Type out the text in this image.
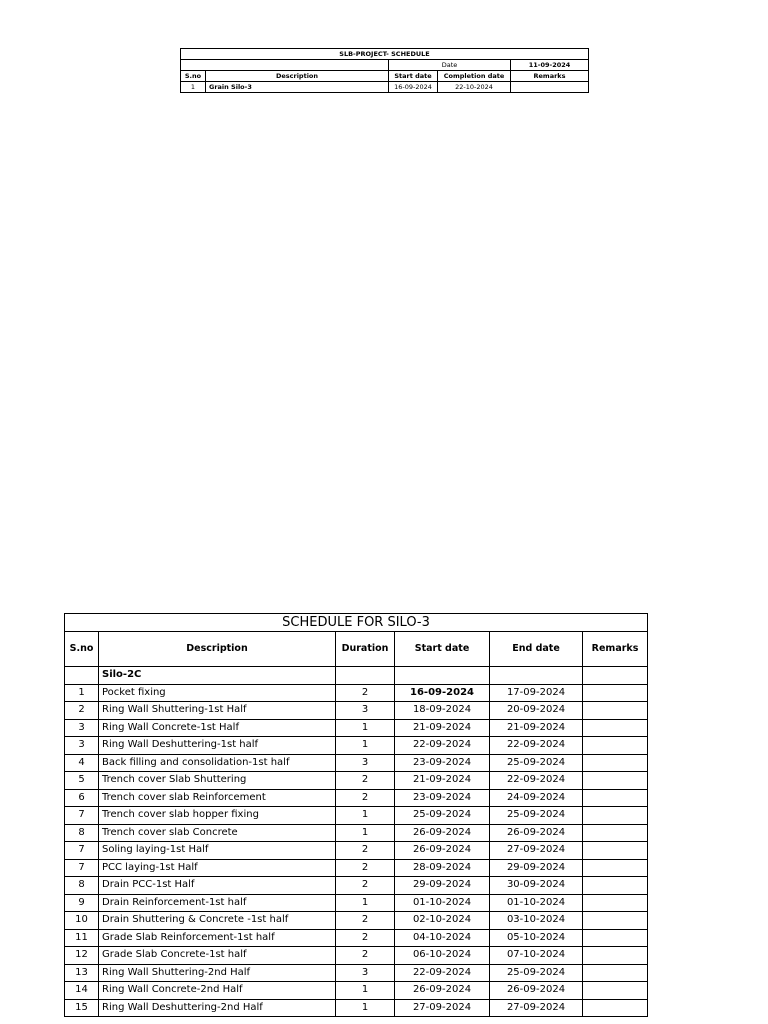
SLB-PROJECT- SCHEDULE				
		Date		11-09-2024
S.no	Description	Start date	Completion date	Remarks
1	Grain Silo-3	16-09-2024	22-10-2024	
SCHEDULE FOR SILO-3					
S.no	Description	Duration	Start date	End date	Remarks
	Silo-2C				
1	Pocket fixing	2	16-09-2024	17-09-2024	
2	Ring Wall Shuttering-1st Half	3	18-09-2024	20-09-2024	
3	Ring Wall Concrete-1st Half	1	21-09-2024	21-09-2024	
3	Ring Wall Deshuttering-1st half	1	22-09-2024	22-09-2024	
4	Back filling and consolidation-1st half	3	23-09-2024	25-09-2024	
5	Trench cover Slab Shuttering	2	21-09-2024	22-09-2024	
6	Trench cover slab Reinforcement	2	23-09-2024	24-09-2024	
7	Trench cover slab hopper fixing	1	25-09-2024	25-09-2024	
8	Trench cover slab Concrete	1	26-09-2024	26-09-2024	
7	Soling laying-1st Half	2	26-09-2024	27-09-2024	
7	PCC laying-1st Half	2	28-09-2024	29-09-2024	
8	Drain PCC-1st Half	2	29-09-2024	30-09-2024	
9	Drain Reinforcement-1st half	1	01-10-2024	01-10-2024	
10	Drain Shuttering & Concrete -1st half	2	02-10-2024	03-10-2024	
11	Grade Slab Reinforcement-1st half	2	04-10-2024	05-10-2024	
12	Grade Slab Concrete-1st half	2	06-10-2024	07-10-2024	
13	Ring Wall Shuttering-2nd Half	3	22-09-2024	25-09-2024	
14	Ring Wall Concrete-2nd Half	1	26-09-2024	26-09-2024	
15	Ring Wall Deshuttering-2nd Half	1	27-09-2024	27-09-2024	
